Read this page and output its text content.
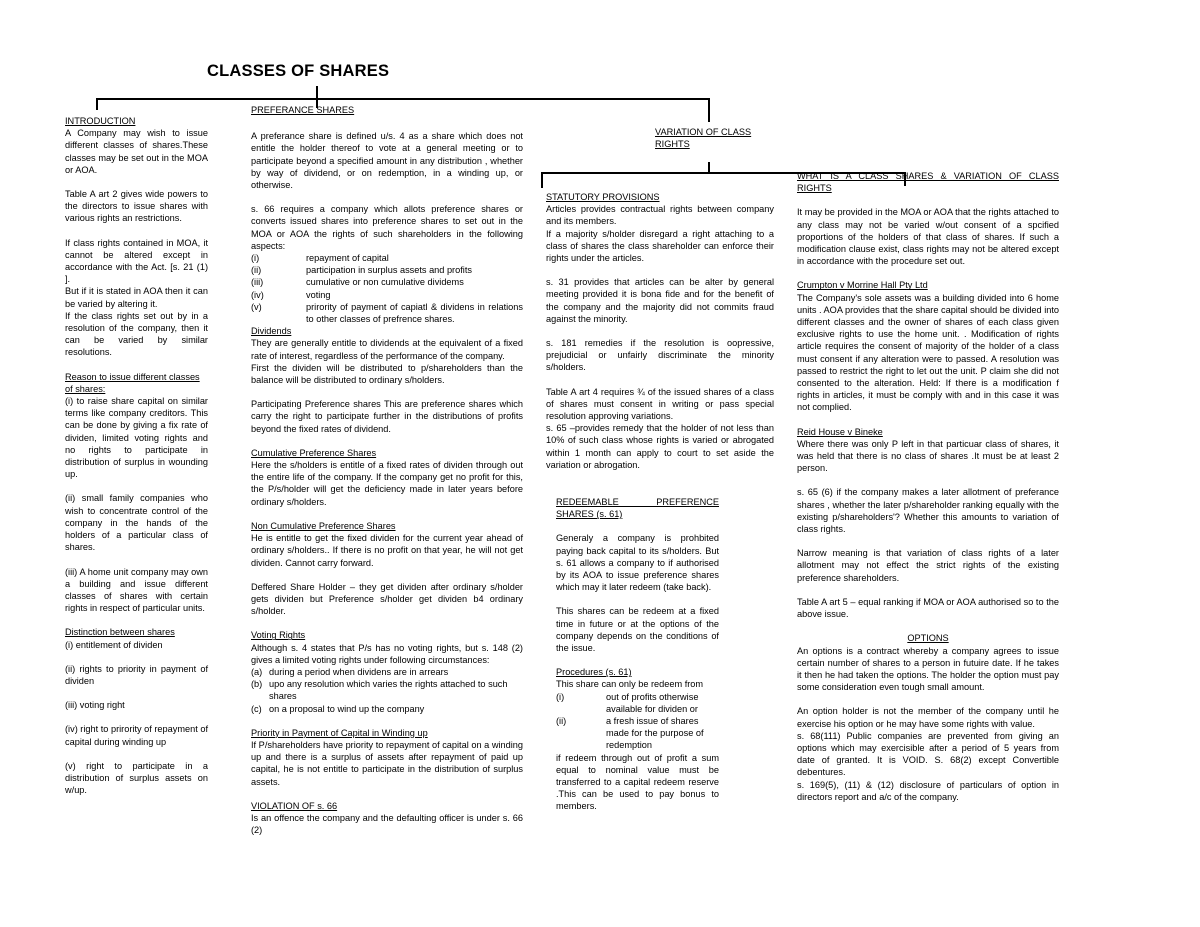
CLASSES OF SHARES
INTRODUCTION

A Company may wish to issue different classes of shares.These classes may be set out in the MOA or AOA.

Table A art 2 gives wide powers to the directors to issue shares with various rights an restrictions.

If class rights contained in MOA, it cannot be altered except in accordance with the Act. [s. 21 (1) ].
But if it is stated in AOA then it can be varied by altering it.

If the class rights set out by in a resolution of the company, then it can be varied by similar resolutions.

Reason to issue different classes of shares:

(i) to raise share capital on similar terms like company creditors. This can be done by giving a fix rate of dividen, limited voting rights and no rights to participate in distribution of surplus in wounding up.

(ii) small family companies who wish to concentrate control of the company in the hands of the holders of a particular class of shares.

(iii) A home unit company may own a building and issue different classes of shares with certain rights in respect of particular units.

Distinction between shares

(i) entitlement of dividen

(ii) rights to priority in payment of dividen

(iii) voting right

(iv) right to prirority of repayment of capital during winding up

(v) right to participate in a distribution of surplus assets on w/up.

PREFERANCE SHARES

A preferance share is defined u/s. 4 as a share which does not entitle the holder thereof to vote at a general meeting or to participate beyond a specified amount in any distribution , whether by way of dividend, or on redemption, in a winding up, or otherwise.

s. 66 requires a company which allots preference shares or converts issued shares into preference shares to set out in the MOA or AOA the rights of such shareholders in the following aspects:
(i)	repayment of capital
(ii)	participation in surplus assets and profits
(iii)	cumulative or non cumulative dividems
(iv)	voting
(v)	prirority of payment of capiatl & dividens in relations to other classes of prefrence shares.
Dividends
They are generally entitle to dividends at the equivalent of a fixed rate of interest, regardless of the performance of the company.

First the dividen will be distributed to p/shareholders than the balance will be distributed to ordinary s/holders.

Participating Preference shares This are preference shares which carry the right to participate further in the distributions of profits beyond the fixed rates of dividend.

Cumulative Preference Shares

Here the s/holders is entitle of a fixed rates of dividen through out the entire life of the company. If the company get no profit for this, the P/s/holder will get the deficiency made in later years before ordinary s/holders.

Non Cumulative Preference Shares

He is entitle to get the fixed dividen for the current year ahead of ordinary s/holders.. If there is no profit on that year, he will not get dividen. Cannot carry forward.

Deffered Share Holder – they get dividen after ordinary s/holder gets dividen but Preference s/holder get dividen b4 ordinary s/holder.

Voting Rights
Although s. 4 states that P/s has no voting rights, but s. 148 (2) gives a limited voting rights under following circumstances:
(a) during a period when dividens are in arrears
(b) upo any resolution which varies the rights attached to such shares
(c) on a proposal to wind up the company
Priority in Payment of Capital in Winding up

If P/shareholders have priority to repayment of capital on a winding up and there is a surplus of assets after repayment of paid up capital, he is not entitle to participate in the distribution of surplus assets.

VIOLATION OF s. 66
Is an offence the company and the defaulting officer is under s. 66 (2)
VARIATION OF CLASS RIGHTS
STATUTORY PROVISIONS
Articles provides contractual rights between company and its members.

If a majority s/holder disregard a right attaching to a class of shares the class shareholder can enforce their rights under the articles.

s. 31 provides that articles can be alter by general meeting provided it is bona fide and for the benefit of the company and the majority did not commits fraud against the minority.

s. 181 remedies if the resolution is oopressive, prejudicial or unfairly discriminate the minority s/holders.

Table A art 4 requires ¾ of the issued shares of a class of shares must consent in writing or pass special resolution approving variations.

s. 65 –provides remedy that the holder of not less than 10% of such class whose rights is varied or abrogated within 1 month can apply to court to set aside the variation or abrogation.

REDEEMABLE PREFERENCE SHARES (s. 61)

Generaly a company is prohbited paying back capital to its s/holders. But s. 61 allows a company to if authorised by its AOA to issue preference shares which may it later redeem (take back).

This shares can be redeem at a fixed time in future or at the options of the company depends on the conditions of the issue.

Procedures (s. 61)
This share can only be redeem from
(i)	out of profits otherwise available for dividen or
(ii)	a fresh issue of shares made for the purpose of redemption
if redeem through out of profit a sum equal to nominal value must be transferred to a capital redeem reserve .This can be used to pay bonus to members.

WHAT IS A CLASS SHARES & VARIATION OF CLASS RIGHTS

It may be provided in the MOA or AOA that the rights attached to any class may not be varied w/out consent of a spcified proportions of the holders of that class of shares. If such a modification clause exist, class rights may not be altered except in accordance with the procedure set out.

Crumpton v Morrine Hall Pty Ltd

The Company's sole assets was a building divided into 6 home units . AOA provides that the share capital should be divided into different classes and the owner of shares of each class given exclusive rights to use the home unit. . Modification of rights article requires the consent of majority of the holder of a class must consent if any alteration were to passed. A resolution was passed to restrict the right to let out the unit. P claim she did not consented to the alteration. Held: If there is a modification f rights in articles, it must be comply with and in this case it was not complied.

Reid House v Bineke

Where there was only P left in that particuar class of shares, it was held that there is no class of shares .It must be at least 2 person.

s. 65 (6) if the company makes a later allotment of preferance shares , whether the later p/shareholder ranking equally with the existing p/shareholders'? Whether this amounts to variation of class rights.

Narrow meaning is that variation of class rights of a later allotment may not effect the strict rights of the existing preference shareholders.

Table A art 5 – equal ranking if MOA or AOA authorised so to the above issue.

OPTIONS

An options is a contract whereby a company agrees to issue certain number of shares to a person in futuire date. If he takes it then he had taken the options. The holder the option must pay some consideration even tough small amount.

An option holder is not the member of the company until he exercise his option or he may have some rights with value.
s. 68(111) Public companies are prevented from giving an options which may exercisible after a period of 5 years from date of granted. It is VOID. S. 68(2) except Convertible debentures.
s. 169(5), (11) & (12) disclosure of particulars of option in directors report and a/c of the company.
